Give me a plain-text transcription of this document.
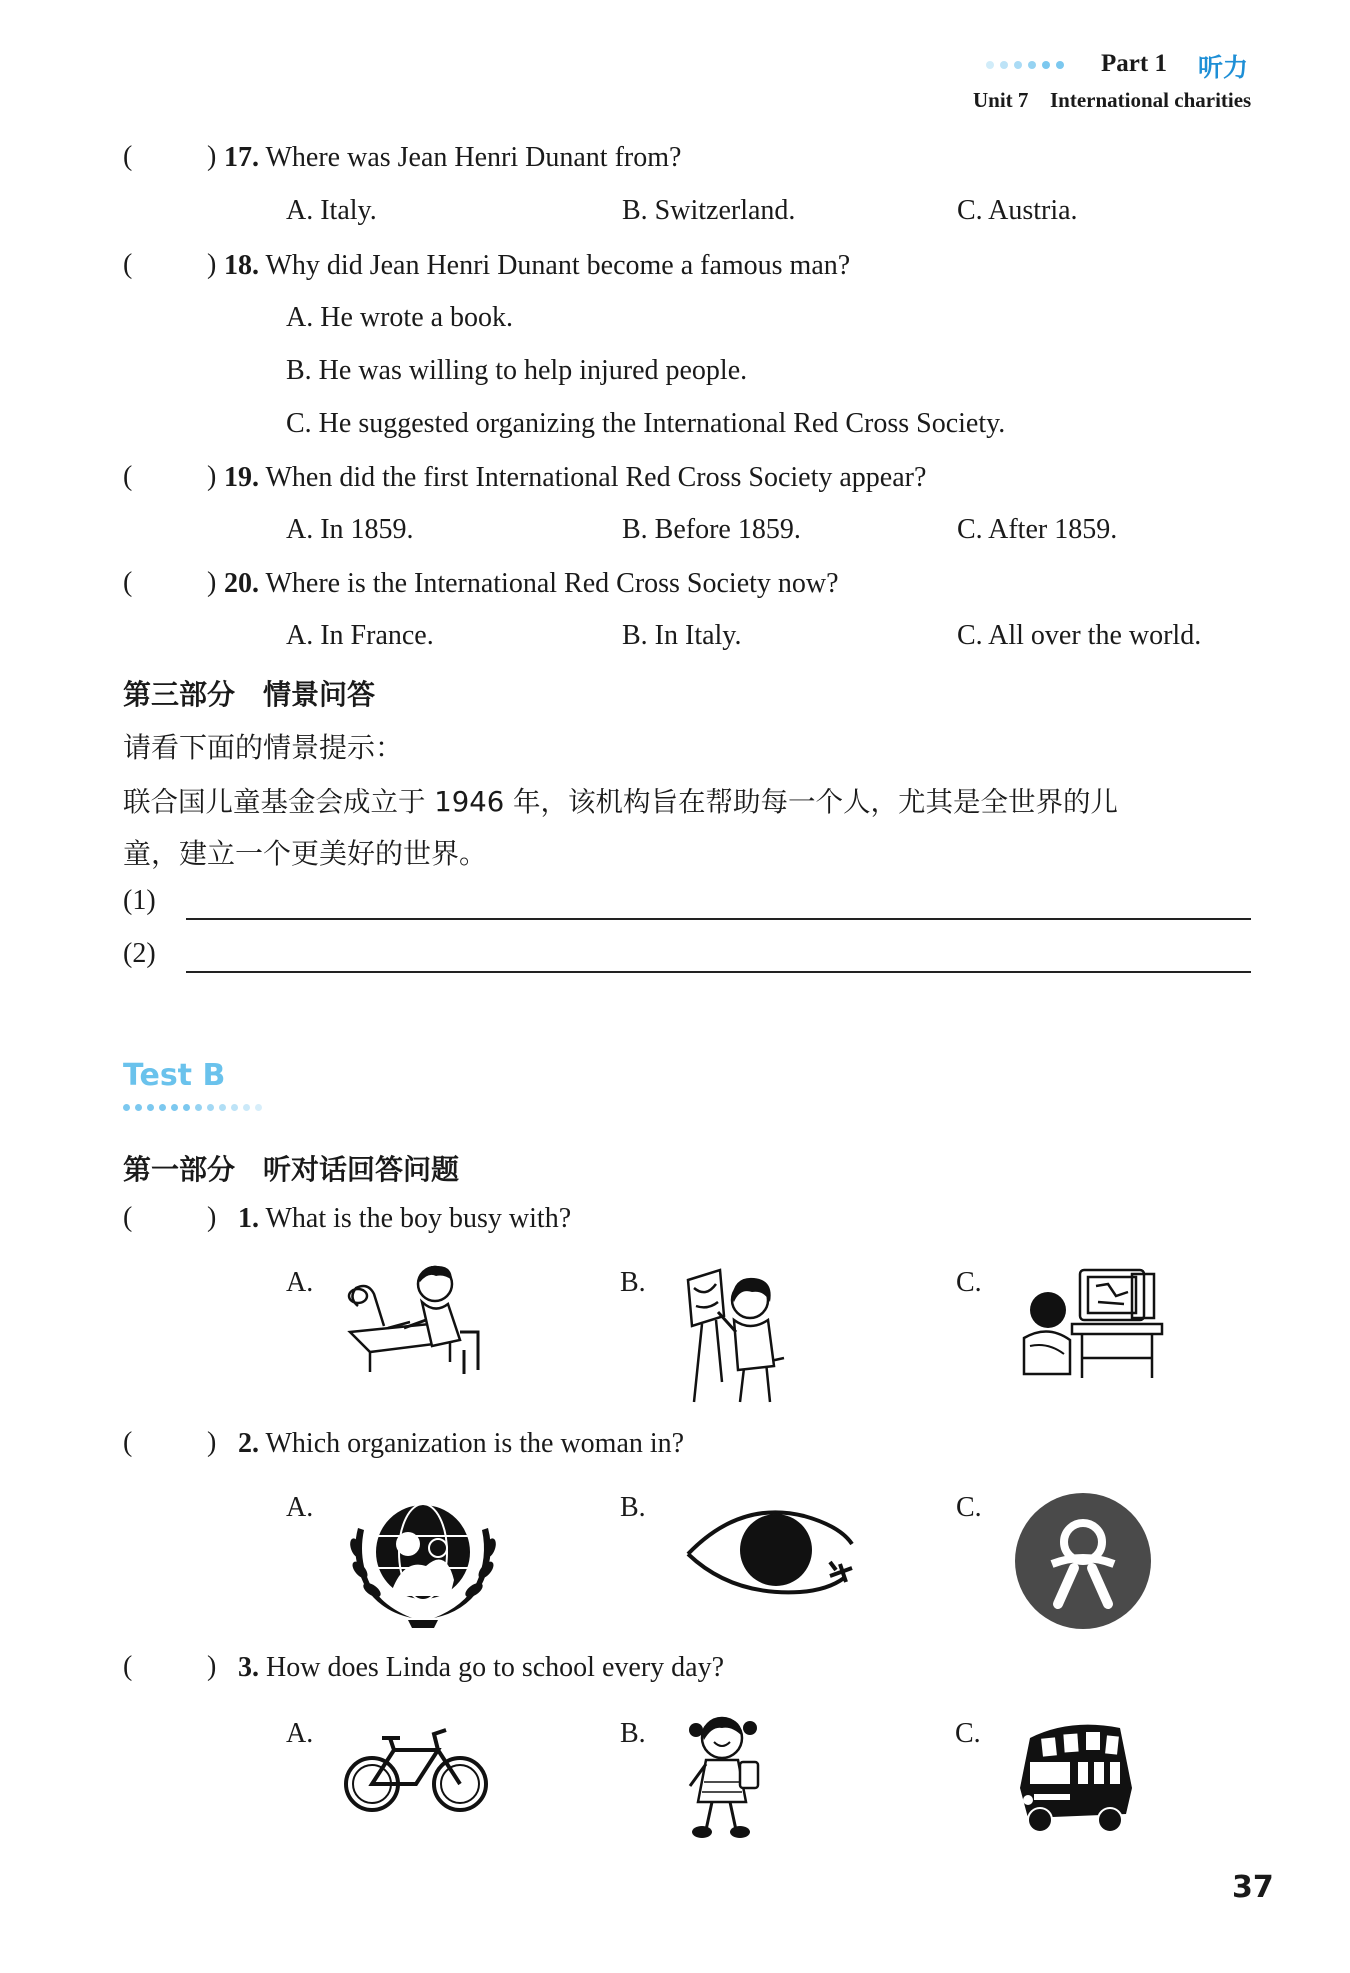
Part 1 听力
Unit 7 International charities
(	) 17. Where was Jean Henri Dunant from?
A. Italy.	B. Switzerland.	C. Austria.
(	) 18. Why did Jean Henri Dunant become a famous man?
A. He wrote a book.
B. He was willing to help injured people.
C. He suggested organizing the International Red Cross Society.
(	) 19. When did the first International Red Cross Society appear?
A. In 1859.	B. Before 1859.	C. After 1859.
(	) 20. Where is the International Red Cross Society now?
A. In France.	B. In Italy.	C. All over the world.
第三部分　情景问答
请看下面的情景提示：
联合国儿童基金会成立于 1946 年，该机构旨在帮助每一个人，尤其是全世界的儿
童，建立一个更美好的世界。
(1)
(2)
Test B
第一部分　听对话回答问题
(	) 1. What is the boy busy with?
A.	B.	C.
(	) 2. Which organization is the woman in?
A.	B.	C.
(	) 3. How does Linda go to school every day?
A.	B.	C.
37
